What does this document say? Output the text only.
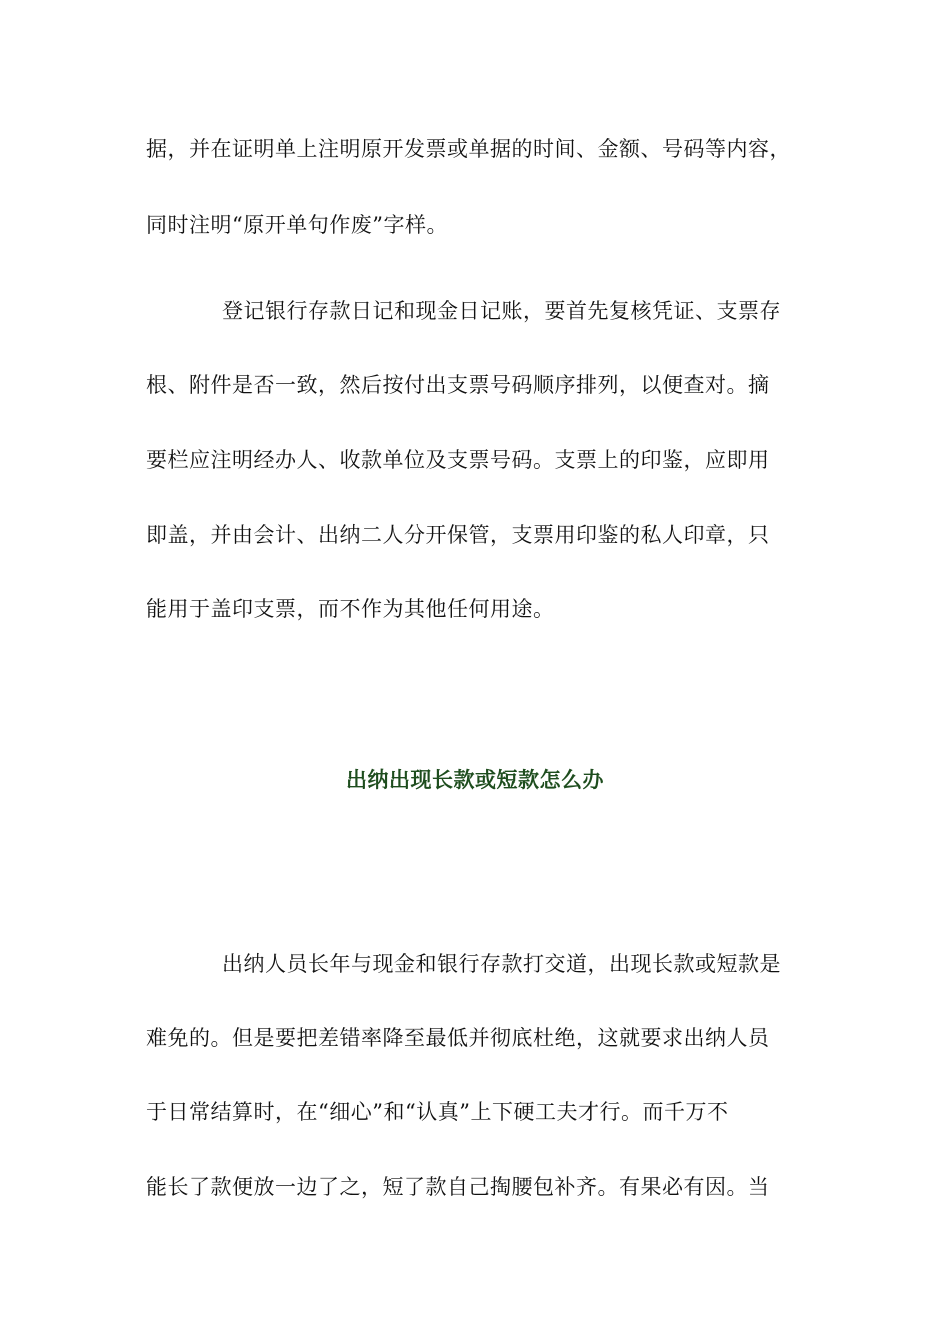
据，并在证明单上注明原开发票或单据的时间、金额、号码等内容，
同时注明“原开单句作废”字样。
登记银行存款日记和现金日记账，要首先复核凭证、支票存
根、附件是否一致，然后按付出支票号码顺序排列，以便查对。摘
要栏应注明经办人、收款单位及支票号码。支票上的印鉴，应即用
即盖，并由会计、出纳二人分开保管，支票用印鉴的私人印章，只
能用于盖印支票，而不作为其他任何用途。
出纳出现长款或短款怎么办
出纳人员长年与现金和银行存款打交道，出现长款或短款是
难免的。但是要把差错率降至最低并彻底杜绝，这就要求出纳人员
于日常结算时，在“细心”和“认真”上下硬工夫才行。而千万不
能长了款便放一边了之，短了款自己掏腰包补齐。有果必有因。当
